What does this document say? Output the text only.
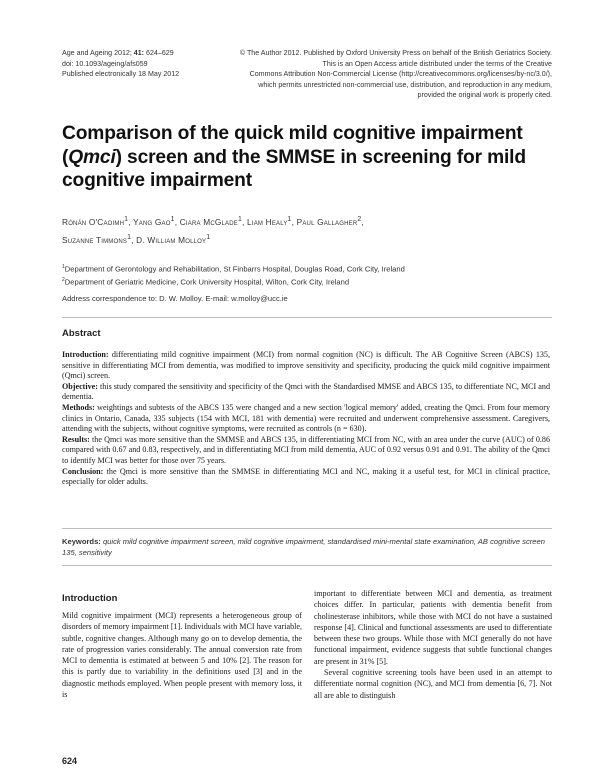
Age and Ageing 2012; 41: 624–629
doi: 10.1093/ageing/afs059
Published electronically 18 May 2012
© The Author 2012. Published by Oxford University Press on behalf of the British Geriatrics Society.
This is an Open Access article distributed under the terms of the Creative
Commons Attribution Non-Commercial License (http://creativecommons.org/licenses/by-nc/3.0/),
which permits unrestricted non-commercial use, distribution, and reproduction in any medium,
provided the original work is properly cited.
Comparison of the quick mild cognitive impairment (Qmci) screen and the SMMSE in screening for mild cognitive impairment
Rónán O'Caoimh$^1$, Yang Gao$^1$, Ciara McGlade$^1$, Liam Healy$^1$, Paul Gallagher$^2$,
Suzanne Timmons$^1$, D. William Molloy$^1$
$^1$Department of Gerontology and Rehabilitation, St Finbarrs Hospital, Douglas Road, Cork City, Ireland
$^2$Department of Geriatric Medicine, Cork University Hospital, Wilton, Cork City, Ireland
Address correspondence to: D. W. Molloy. E-mail: w.molloy@ucc.ie
Abstract

Introduction: differentiating mild cognitive impairment (MCI) from normal cognition (NC) is difficult. The AB Cognitive Screen (ABCS) 135, sensitive in differentiating MCI from dementia, was modified to improve sensitivity and specificity, producing the quick mild cognitive impairment (Qmci) screen.

Objective: this study compared the sensitivity and specificity of the Qmci with the Standardised MMSE and ABCS 135, to differentiate NC, MCI and dementia.

Methods: weightings and subtests of the ABCS 135 were changed and a new section 'logical memory' added, creating the Qmci. From four memory clinics in Ontario, Canada, 335 subjects (154 with MCI, 181 with dementia) were recruited and underwent comprehensive assessment. Caregivers, attending with the subjects, without cognitive symptoms, were recruited as controls (n = 630).

Results: the Qmci was more sensitive than the SMMSE and ABCS 135, in differentiating MCI from NC, with an area under the curve (AUC) of 0.86 compared with 0.67 and 0.83, respectively, and in differentiating MCI from mild dementia, AUC of 0.92 versus 0.91 and 0.91. The ability of the Qmci to identify MCI was better for those over 75 years.

Conclusion: the Qmci is more sensitive than the SMMSE in differentiating MCI and NC, making it a useful test, for MCI in clinical practice, especially for older adults.

Keywords: quick mild cognitive impairment screen, mild cognitive impairment, standardised mini-mental state examination, AB cognitive screen 135, sensitivity
Introduction

Mild cognitive impairment (MCI) represents a heterogeneous group of disorders of memory impairment [1]. Individuals with MCI have variable, subtle, cognitive changes. Although many go on to develop dementia, the rate of progression varies considerably. The annual conversion rate from MCI to dementia is estimated at between 5 and 10% [2]. The reason for this is partly due to variability in the definitions used [3] and in the diagnostic methods employed. When people present with memory loss, it is

important to differentiate between MCI and dementia, as treatment choices differ. In particular, patients with dementia benefit from cholinesterase inhibitors, while those with MCI do not have a sustained response [4]. Clinical and functional assessments are used to differentiate between these two groups. While those with MCI generally do not have functional impairment, evidence suggests that subtle functional changes are present in 31% [5].

Several cognitive screening tools have been used in an attempt to differentiate normal cognition (NC), and MCI from dementia [6, 7]. Not all are able to distinguish

624
